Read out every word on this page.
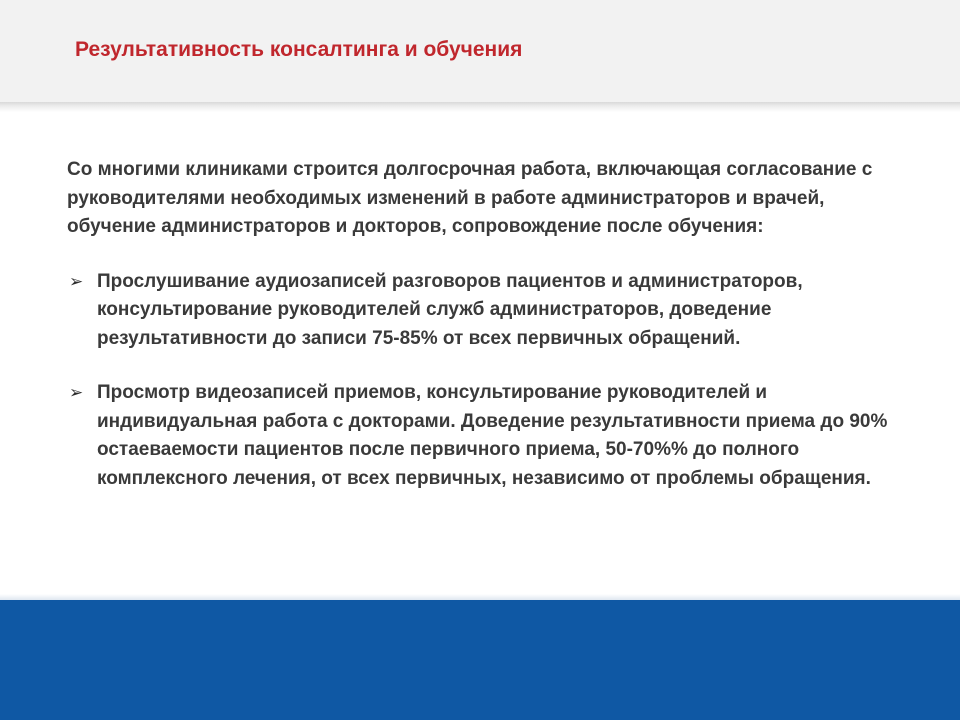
Результативность консалтинга и обучения

Со многими клиниками строится долгосрочная работа, включающая согласование с руководителями необходимых изменений в работе администраторов и врачей, обучение администраторов и докторов, сопровождение после обучения:

➢ Прослушивание аудиозаписей разговоров пациентов и администраторов, консультирование руководителей служб администраторов, доведение результативности до записи 75-85% от всех первичных обращений.
➢ Просмотр видеозаписей приемов, консультирование руководителей и индивидуальная работа с докторами. Доведение результативности приема до 90% остаеваемости пациентов после первичного приема, 50-70%% до полного комплексного лечения, от всех первичных, независимо от проблемы обращения.
